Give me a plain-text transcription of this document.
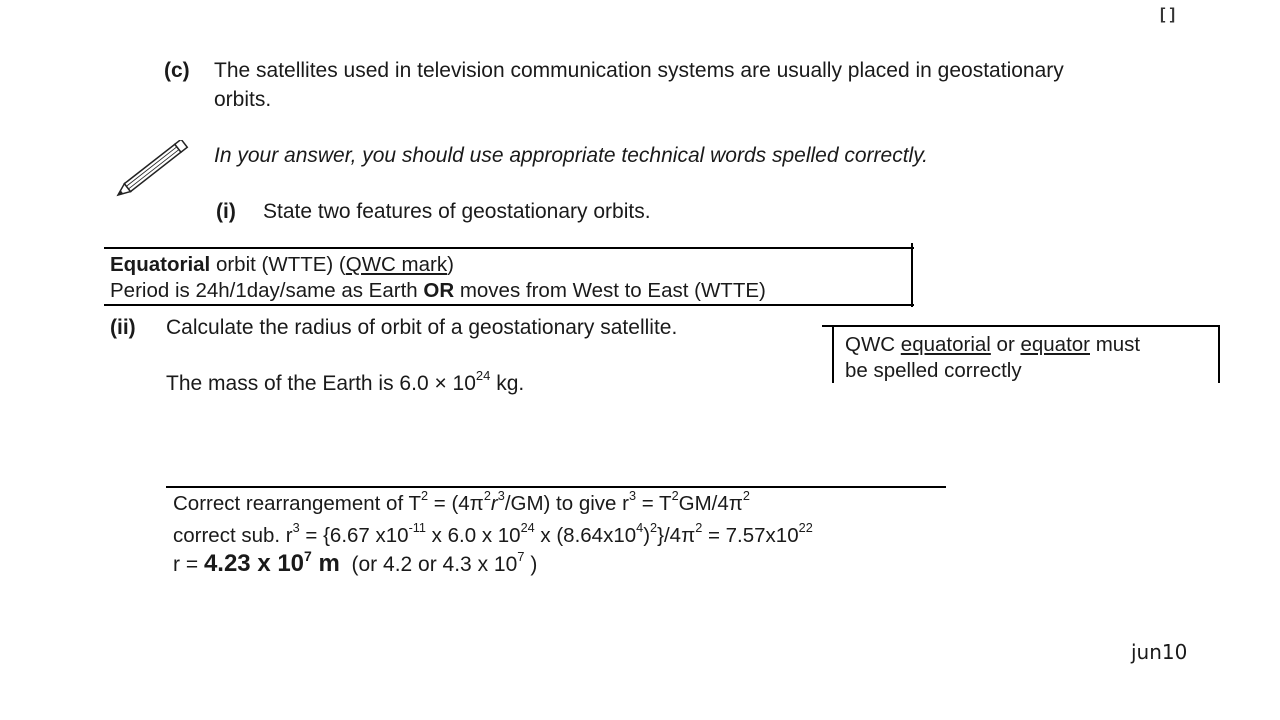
[ ]
(c) The satellites used in television communication systems are usually placed in geostationary
orbits.
In your answer, you should use appropriate technical words spelled correctly.
(i) State two features of geostationary orbits.
Equatorial orbit (WTTE) (QWC mark)
Period is 24h/1day/same as Earth OR moves from West to East (WTTE)
(ii) Calculate the radius of orbit of a geostationary satellite.
The mass of the Earth is $6.0 \times 10^{24}$ kg.
QWC equatorial or equator must
be spelled correctly
Correct rearrangement of $T^2 = (4\pi^2r^3/GM)$ to give $r^3 = T^2GM/4\pi^2$
correct sub. $r^3 = \{6.67$ $x10^{-11}$ x 6.0 x $10^{24}$ x $(8.64x10^4)^2\}/4\pi^2 = 7.57x10^{22}$
r = 4.23 x $10^7$ m  (or 4.2 or 4.3 x $10^7$ )
jun10
